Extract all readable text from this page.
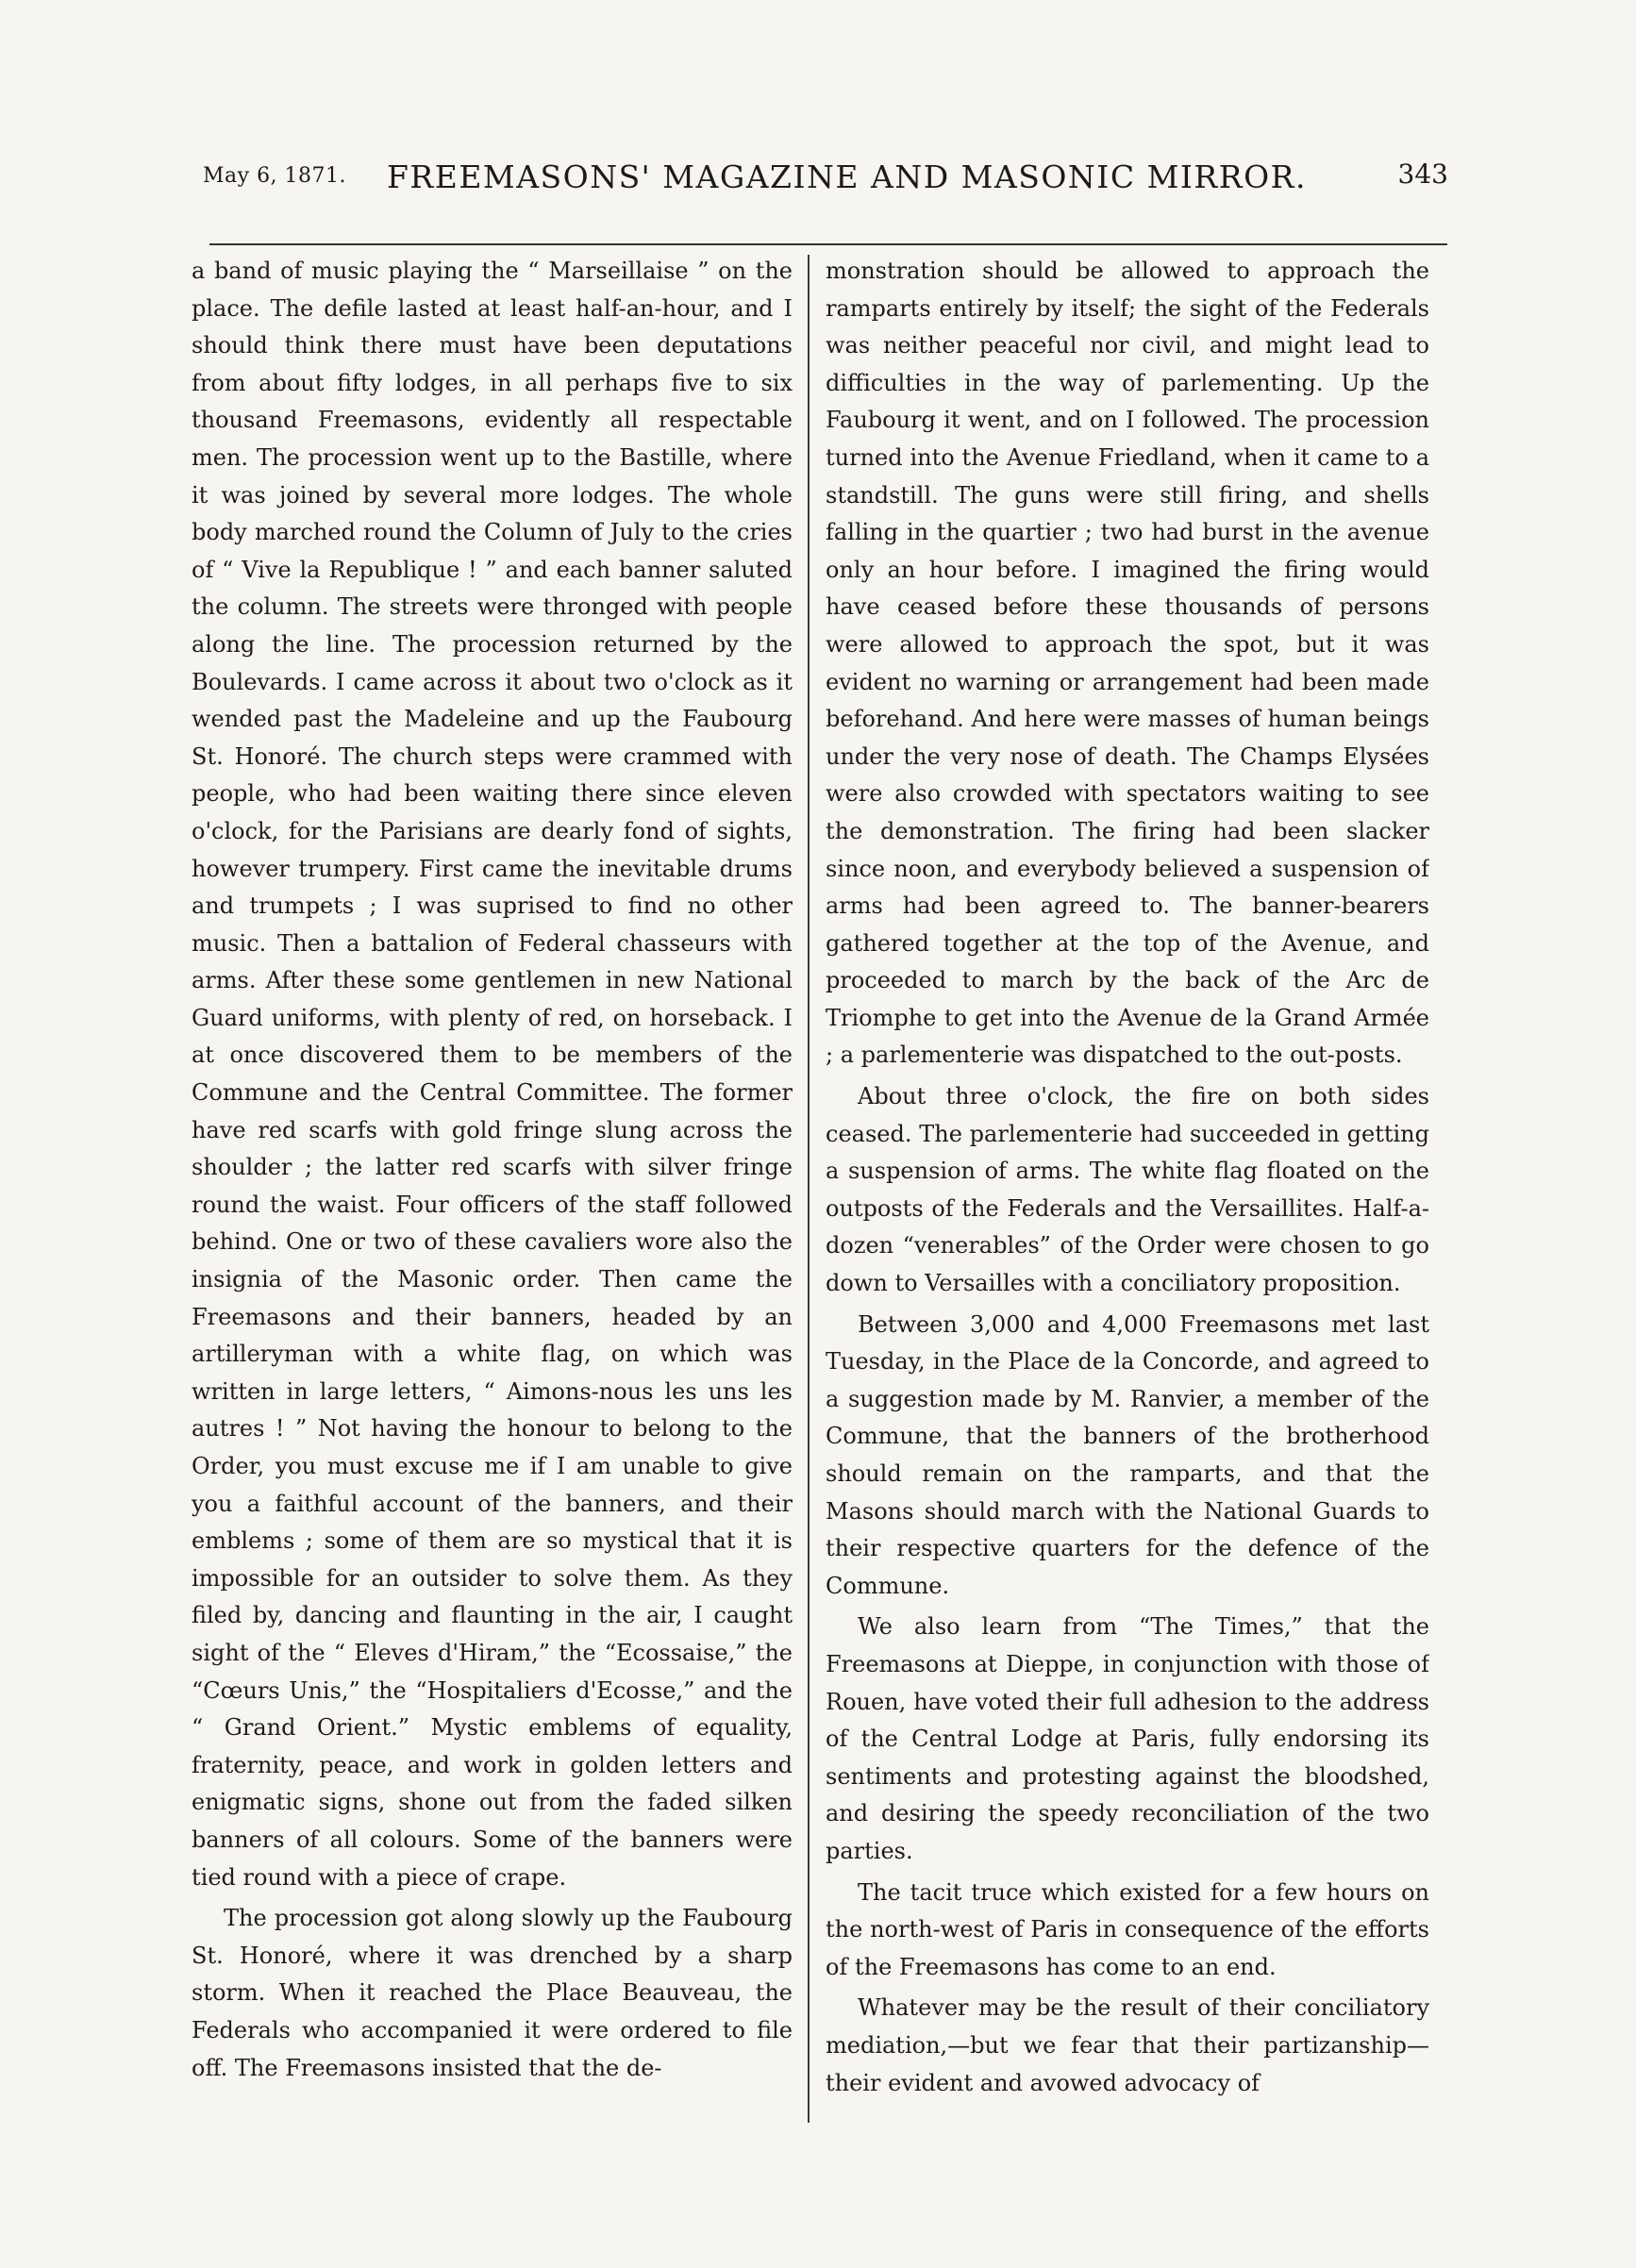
May 6, 1871. FREEMASONS' MAGAZINE AND MASONIC MIRROR.	343

a band of music playing the “ Marseillaise ” on the place. The defile lasted at least half-an-hour, and I should think there must have been deputations from about fifty lodges, in all perhaps five to six thousand Freemasons, evidently all respectable men. The procession went up to the Bastille, where it was joined by several more lodges. The whole body marched round the Column of July to the cries of “ Vive la Republique ! ” and each banner saluted the column. The streets were thronged with people along the line. The procession returned by the Boulevards. I came across it about two o'clock as it wended past the Madeleine and up the Faubourg St. Honoré. The church steps were crammed with people, who had been waiting there since eleven o'clock, for the Parisians are dearly fond of sights, however trumpery. First came the inevitable drums and trumpets ; I was suprised to find no other music. Then a battalion of Federal chasseurs with arms. After these some gentlemen in new National Guard uniforms, with plenty of red, on horseback. I at once discovered them to be members of the Commune and the Central Committee. The former have red scarfs with gold fringe slung across the shoulder ; the latter red scarfs with silver fringe round the waist. Four officers of the staff followed behind. One or two of these cavaliers wore also the insignia of the Masonic order. Then came the Freemasons and their banners, headed by an artilleryman with a white flag, on which was written in large letters, “ Aimons-nous les uns les autres ! ” Not having the honour to belong to the Order, you must excuse me if I am unable to give you a faithful account of the banners, and their emblems ; some of them are so mystical that it is impossible for an outsider to solve them. As they filed by, dancing and flaunting in the air, I caught sight of the “ Eleves d'Hiram,” the “Ecossaise,” the “Cœurs Unis,” the “Hospitaliers d'Ecosse,” and the “ Grand Orient.” Mystic emblems of equality, fraternity, peace, and work in golden letters and enigmatic signs, shone out from the faded silken banners of all colours. Some of the banners were tied round with a piece of crape.

The procession got along slowly up the Faubourg St. Honoré, where it was drenched by a sharp storm. When it reached the Place Beauveau, the Federals who accompanied it were ordered to file off. The Freemasons insisted that the de-

monstration should be allowed to approach the ramparts entirely by itself; the sight of the Federals was neither peaceful nor civil, and might lead to difficulties in the way of parlementing. Up the Faubourg it went, and on I followed. The procession turned into the Avenue Friedland, when it came to a standstill. The guns were still firing, and shells falling in the quartier ; two had burst in the avenue only an hour before. I imagined the firing would have ceased before these thousands of persons were allowed to approach the spot, but it was evident no warning or arrangement had been made beforehand. And here were masses of human beings under the very nose of death. The Champs Elysées were also crowded with spectators waiting to see the demonstration. The firing had been slacker since noon, and everybody believed a suspension of arms had been agreed to. The banner-bearers gathered together at the top of the Avenue, and proceeded to march by the back of the Arc de Triomphe to get into the Avenue de la Grand Armée ; a parlementerie was dispatched to the out-posts.

About three o'clock, the fire on both sides ceased. The parlementerie had succeeded in getting a suspension of arms. The white flag floated on the outposts of the Federals and the Versaillites. Half-a-dozen “venerables” of the Order were chosen to go down to Versailles with a conciliatory proposition.

Between 3,000 and 4,000 Freemasons met last Tuesday, in the Place de la Concorde, and agreed to a suggestion made by M. Ranvier, a member of the Commune, that the banners of the brotherhood should remain on the ramparts, and that the Masons should march with the National Guards to their respective quarters for the defence of the Commune.

We also learn from “The Times,” that the Freemasons at Dieppe, in conjunction with those of Rouen, have voted their full adhesion to the address of the Central Lodge at Paris, fully endorsing its sentiments and protesting against the bloodshed, and desiring the speedy reconciliation of the two parties.

The tacit truce which existed for a few hours on the north-west of Paris in consequence of the efforts of the Freemasons has come to an end.

Whatever may be the result of their conciliatory mediation,—but we fear that their partizanship—their evident and avowed advocacy of
